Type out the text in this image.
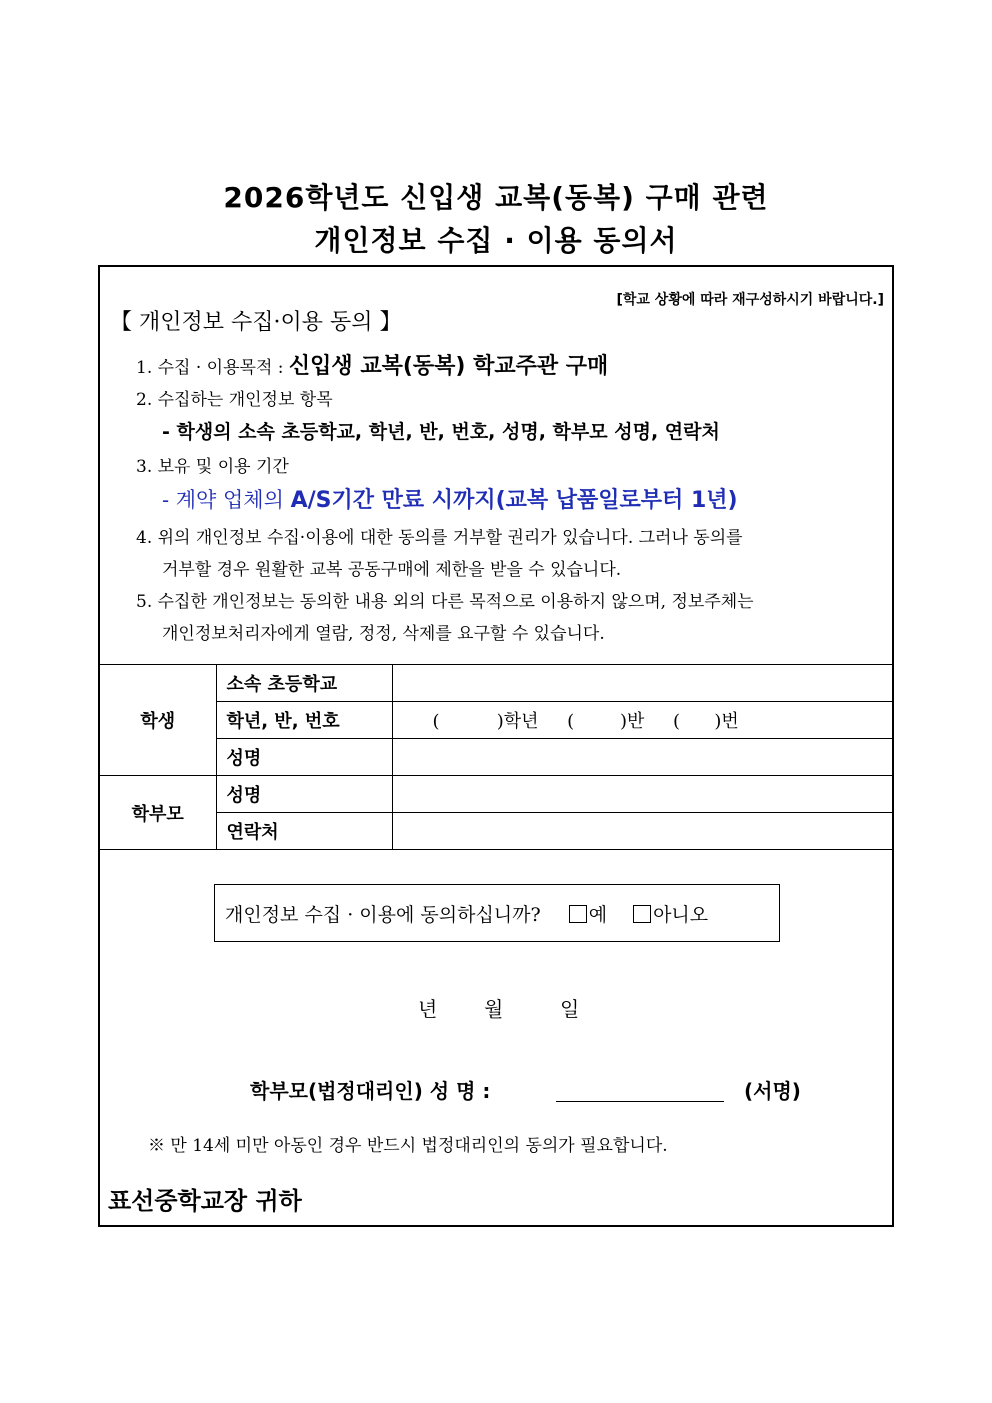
2026학년도 신입생 교복(동복) 구매 관련
개인정보 수집 · 이용 동의서
[학교 상황에 따라 재구성하시기 바랍니다.]
【 개인정보 수집·이용 동의 】
1. 수집 · 이용목적 : 신입생 교복(동복) 학교주관 구매
2. 수집하는 개인정보 항목
- 학생의 소속 초등학교, 학년, 반, 번호, 성명, 학부모 성명, 연락처
3. 보유 및 이용 기간
- 계약 업체의 A/S기간 만료 시까지(교복 납품일로부터 1년)
4. 위의 개인정보 수집·이용에 대한 동의를 거부할 권리가 있습니다. 그러나 동의를
거부할 경우 원활한 교복 공동구매에 제한을 받을 수 있습니다.
5. 수집한 개인정보는 동의한 내용 외의 다른 목적으로 이용하지 않으며, 정보주체는
개인정보처리자에게 열람, 정정, 삭제를 요구할 수 있습니다.
학생	소속 초등학교	
	학년, 반, 번호	(          )학년     (        )반     (      )번
	성명	
학부모	성명	
	연락처	
개인정보 수집 · 이용에 동의하십니까?	예	아니오
년 월	일
학부모(법정대리인) 성 명 :	(서명)
※ 만 14세 미만 아동인 경우 반드시 법정대리인의 동의가 필요합니다.
표선중학교장 귀하
